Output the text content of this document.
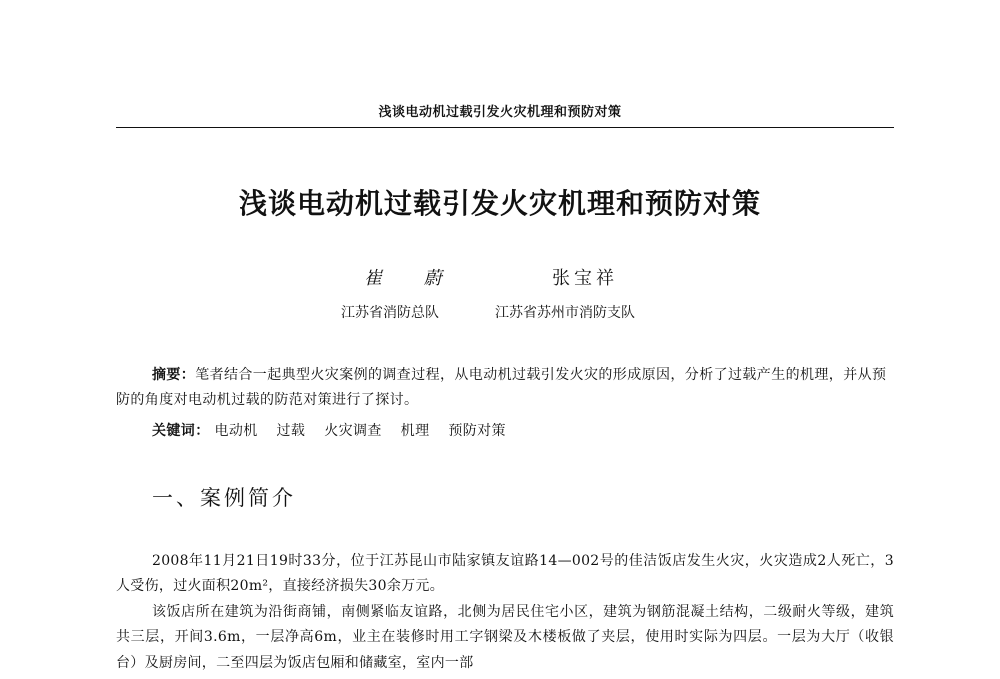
浅谈电动机过载引发火灾机理和预防对策
浅谈电动机过载引发火灾机理和预防对策
崔 蔚	张宝祥
江苏省消防总队	江苏省苏州市消防支队

摘要：笔者结合一起典型火灾案例的调查过程，从电动机过载引发火灾的形成原因，分析了过载产生的机理，并从预防的角度对电动机过载的防范对策进行了探讨。

关键词： 电动机 过载 火灾调查 机理 预防对策
一、案例简介

2008年11月21日19时33分，位于江苏昆山市陆家镇友谊路14—002号的佳洁饭店发生火灾，火灾造成2人死亡，3人受伤，过火面积20m²，直接经济损失30余万元。

该饭店所在建筑为沿街商铺，南侧紧临友谊路，北侧为居民住宅小区，建筑为钢筋混凝土结构，二级耐火等级，建筑共三层，开间3.6m，一层净高6m，业主在装修时用工字钢梁及木楼板做了夹层，使用时实际为四层。一层为大厅（收银台）及厨房间，二至四层为饭店包厢和储藏室，室内一部
